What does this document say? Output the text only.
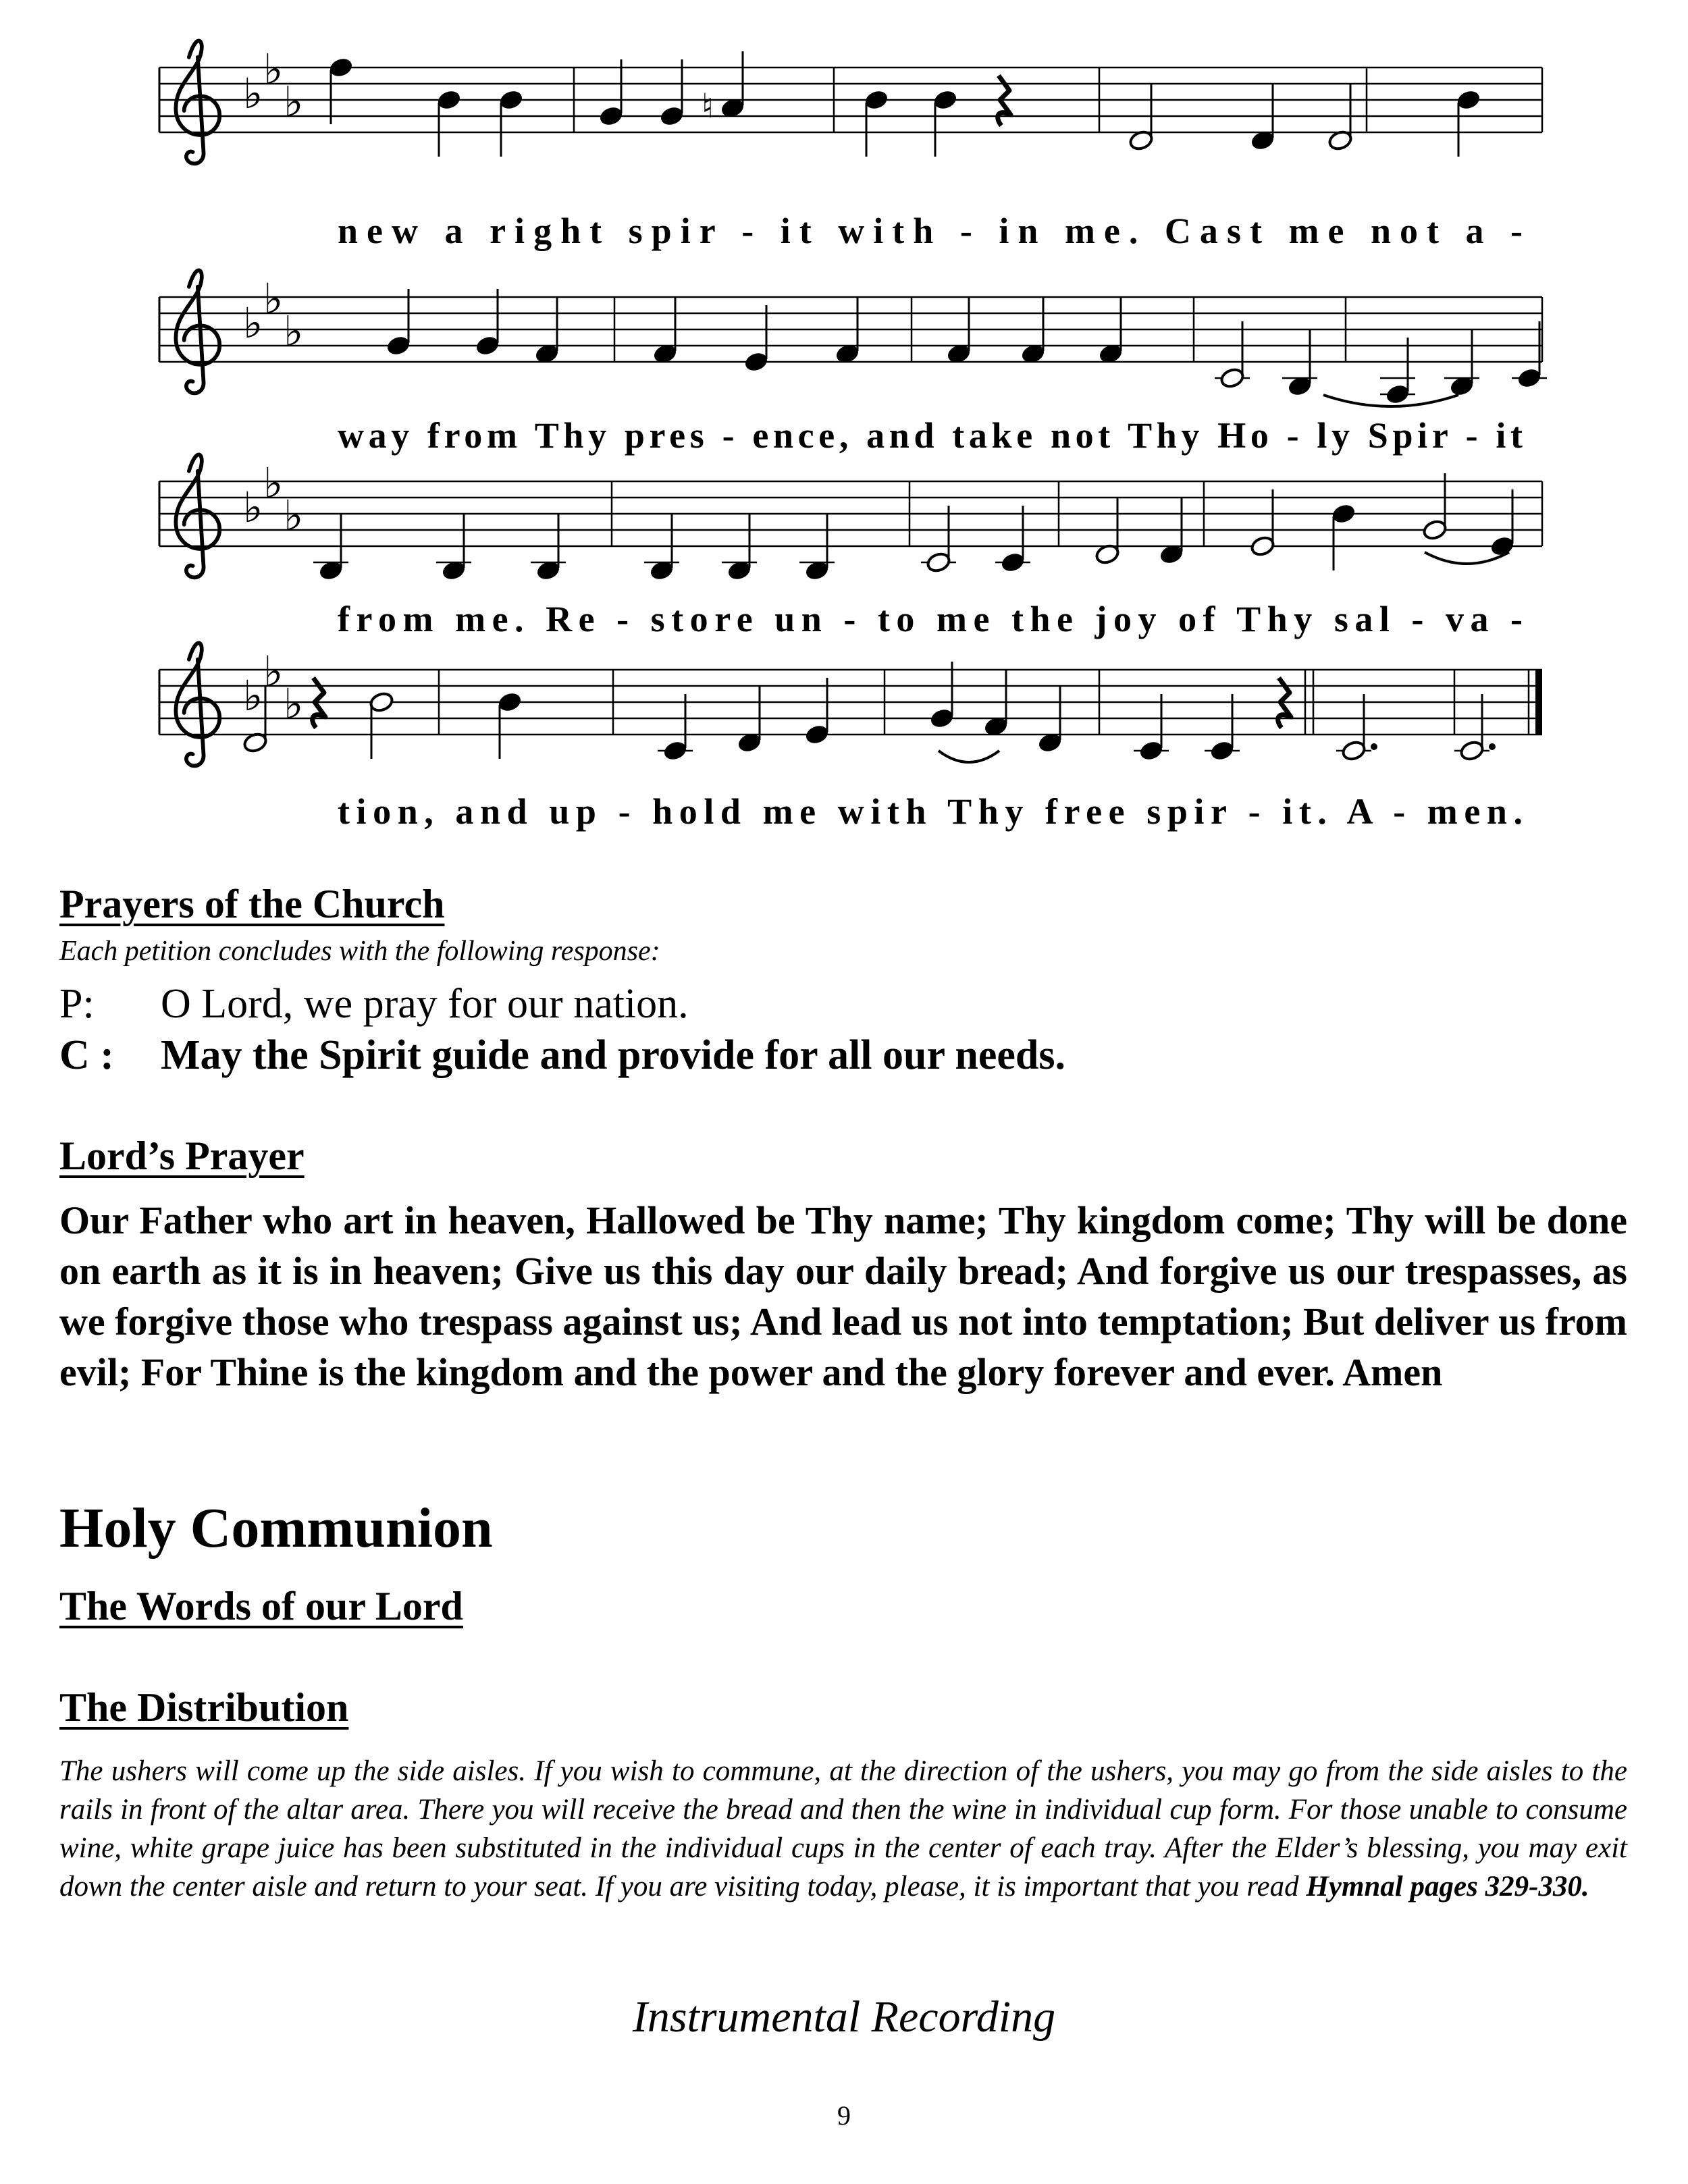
♭ ♭
♭	♮
new a right spir - it with - in me. Cast me not a -
♭ ♭
♭
way from Thy pres - ence, and take not Thy Ho - ly Spir - it
♭ ♭
♭
from me. Re - store un - to me the joy of Thy sal - va -
♭ ♭
♭
tion, and up - hold me with Thy free spir - it. A - men.
Prayers of the Church

Each petition concludes with the following response:

P: O Lord, we pray for our nation.
C : May the Spirit guide and provide for all our needs.
Lord’s Prayer

Our Father who art in heaven, Hallowed be Thy name; Thy kingdom come; Thy will be done on earth as it is in heaven; Give us this day our daily bread; And forgive us our trespasses, as we forgive those who trespass against us; And lead us not into temptation; But deliver us from evil; For Thine is the kingdom and the power and the glory forever and ever. Amen

Holy Communion
The Words of our Lord
The Distribution

The ushers will come up the side aisles. If you wish to commune, at the direction of the ushers, you may go from the side aisles to the rails in front of the altar area. There you will receive the bread and then the wine in individual cup form. For those unable to consume wine, white grape juice has been substituted in the individual cups in the center of each tray. After the Elder’s blessing, you may exit down the center aisle and return to your seat. If you are visiting today, please, it is important that you read Hymnal pages 329-330.

Instrumental Recording

9
